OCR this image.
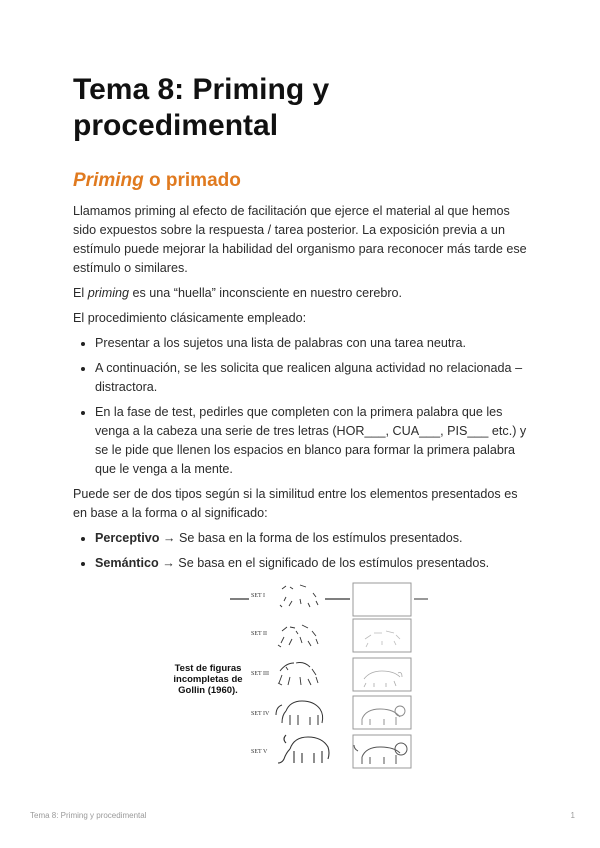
Tema 8: Priming y procedimental
Priming o primado

Llamamos priming al efecto de facilitación que ejerce el material al que hemos sido expuestos sobre la respuesta / tarea posterior. La exposición previa a un estímulo puede mejorar la habilidad del organismo para reconocer más tarde ese estímulo o similares.

El priming es una “huella” inconsciente en nuestro cerebro.

El procedimiento clásicamente empleado:

• Presentar a los sujetos una lista de palabras con una tarea neutra.
• A continuación, se les solicita que realicen alguna actividad no relacionada – distractora.
• En la fase de test, pedirles que completen con la primera palabra que les venga a la cabeza una serie de tres letras (HOR___, CUA___, PIS___ etc.) y se le pide que llenen los espacios en blanco para formar la primera palabra que le venga a la mente.

Puede ser de dos tipos según si la similitud entre los elementos presentados es en base a la forma o al significado:

• Perceptivo → Se basa en la forma de los estímulos presentados.
• Semántico → Se basa en el significado de los estímulos presentados.
Test de figuras incompletas de Gollin (1960).
SET I
SET II
SET III
SET IV
SET V
Tema 8: Priming y procedimental	1
